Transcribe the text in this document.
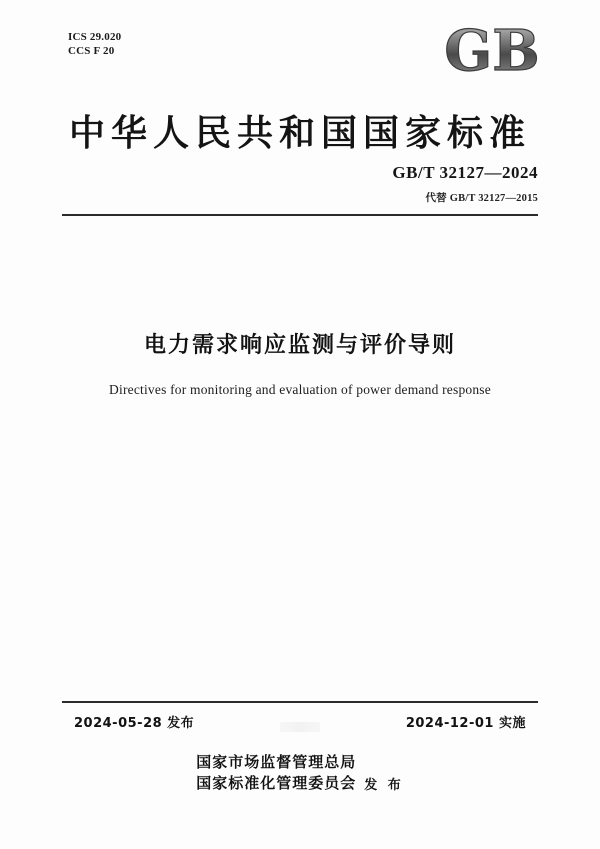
ICS 29.020
CCS F 20	GB
中华人民共和国国家标准
GB/T 32127—2024
代替 GB/T 32127—2015
电力需求响应监测与评价导则
Directives for monitoring and evaluation of power demand response
2024-05-28 发布	2024-12-01 实施
国家市场监督管理总局
国家标准化管理委员会 发 布
